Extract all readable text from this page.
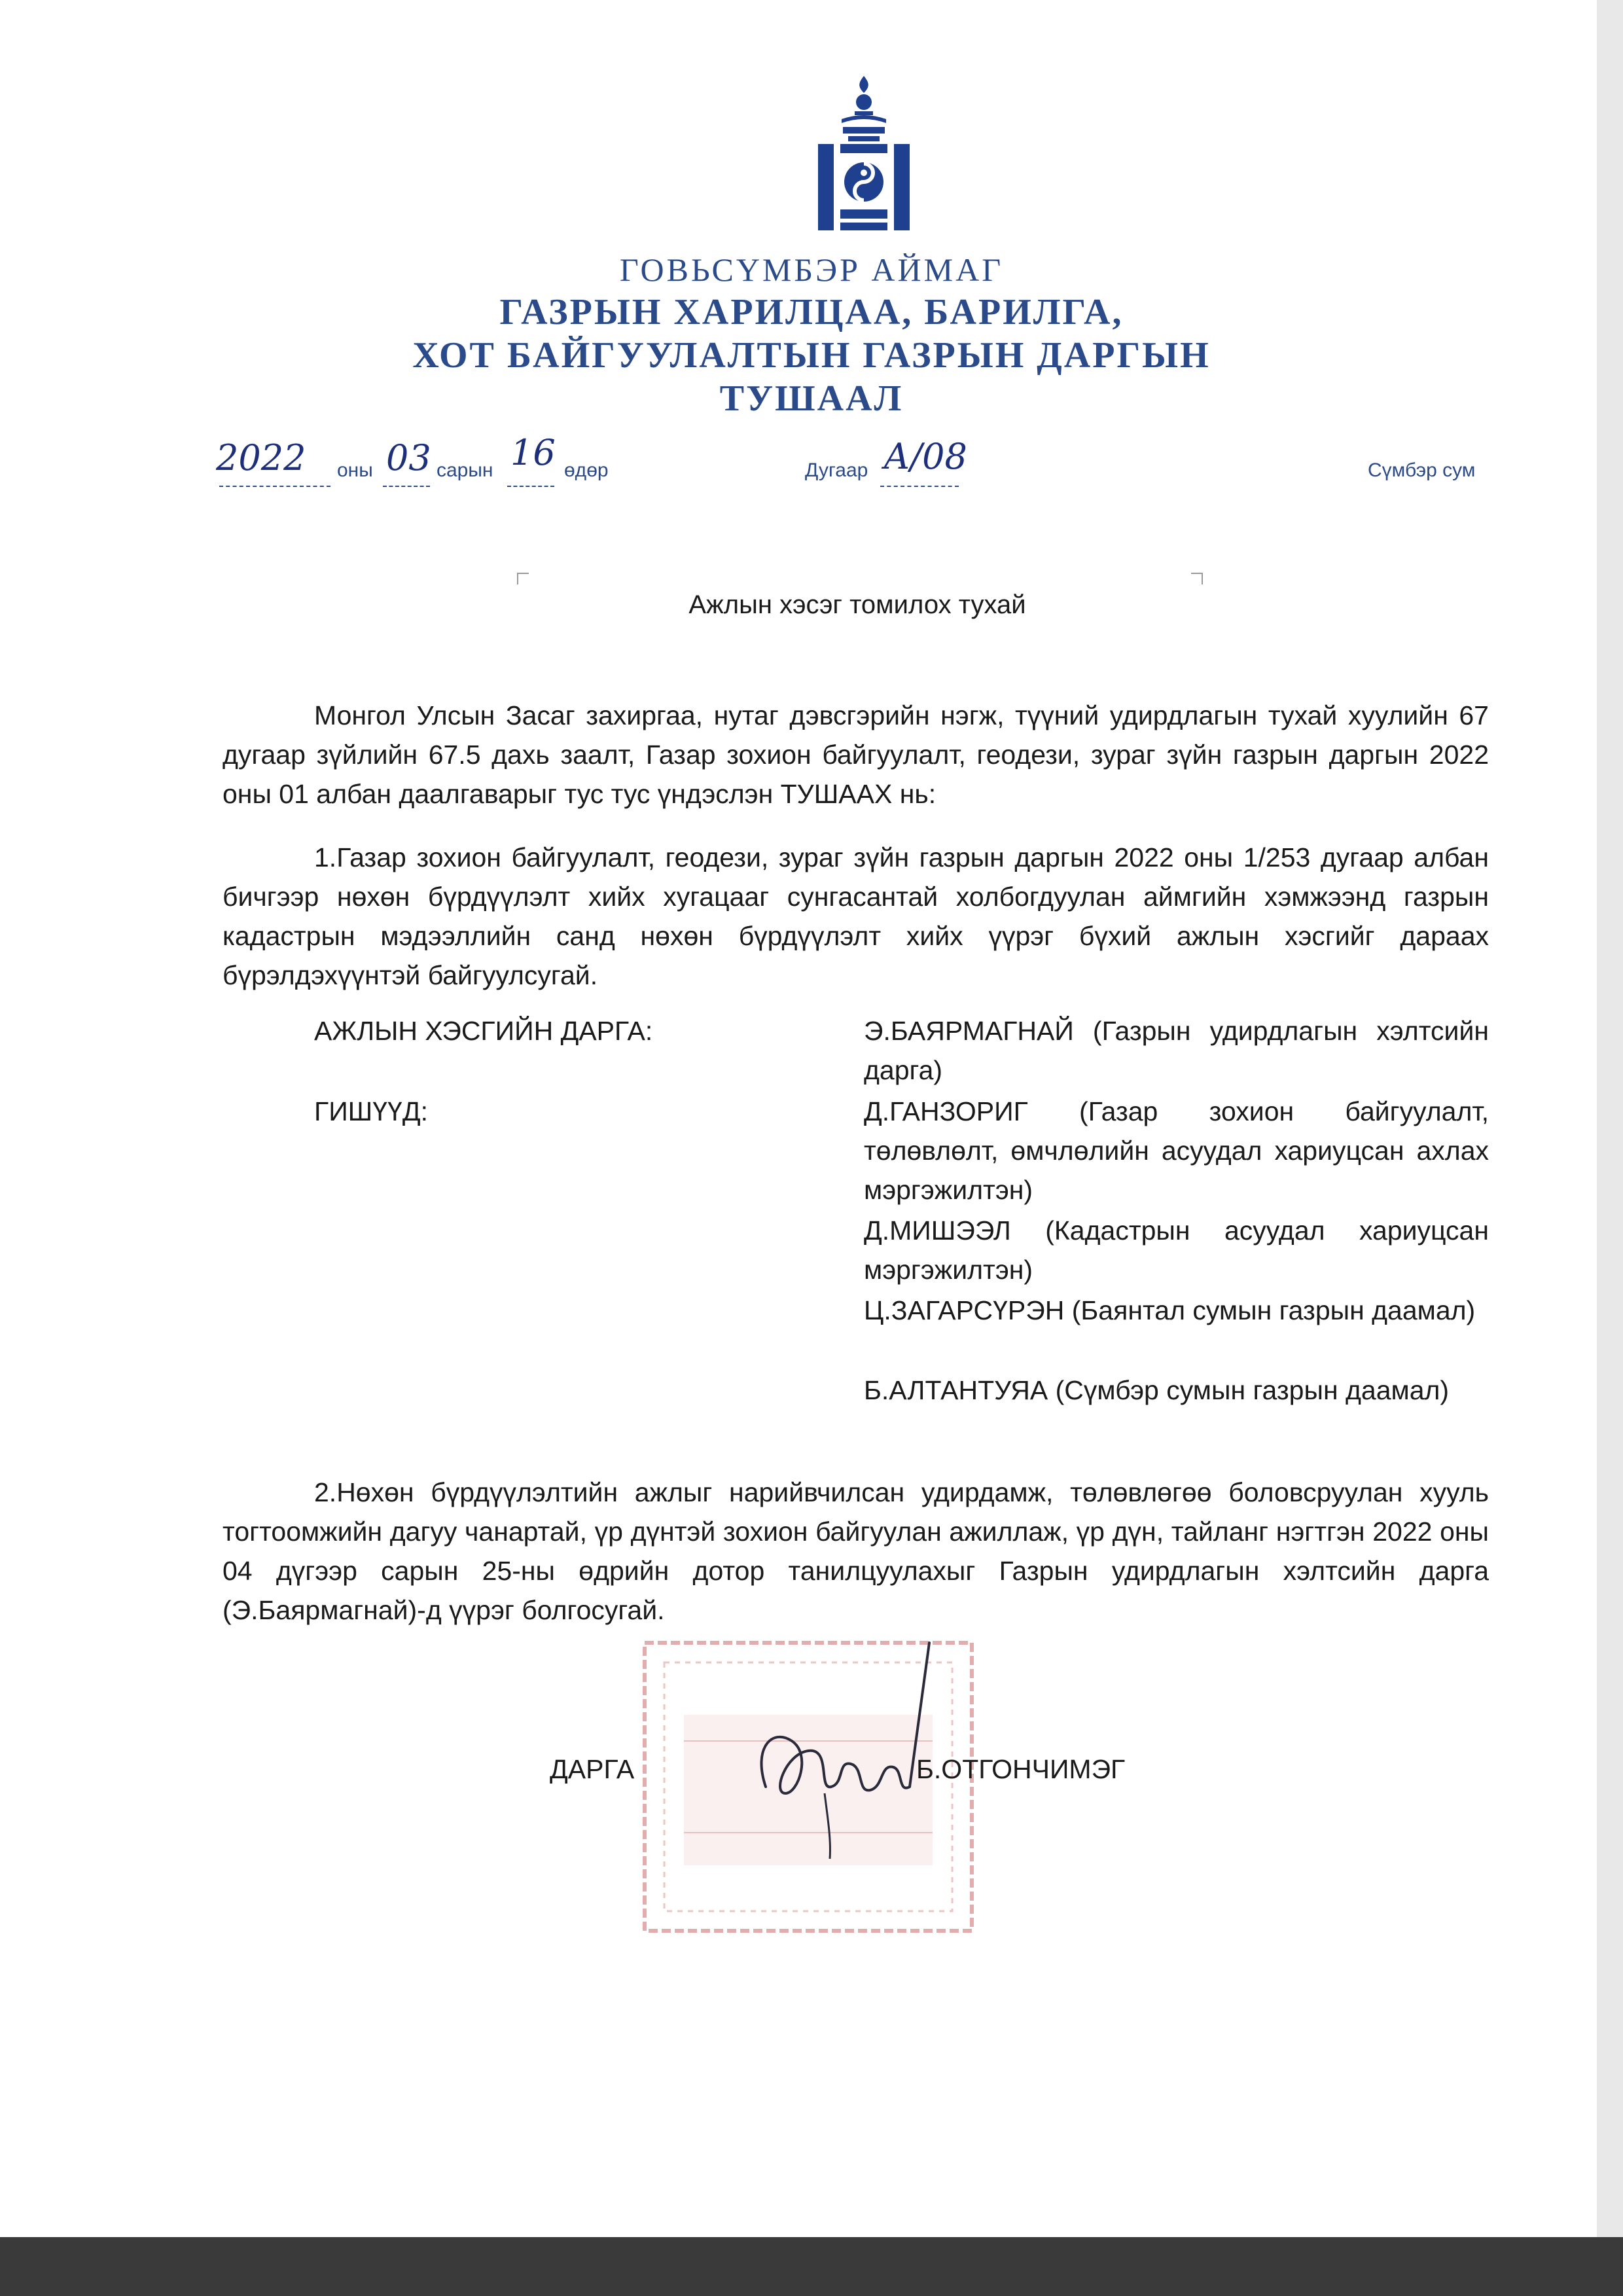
ГОВЬСҮМБЭР АЙМАГ

ГАЗРЫН ХАРИЛЦАА, БАРИЛГА,

ХОТ БАЙГУУЛАЛТЫН ГАЗРЫН ДАРГЫН

ТУШААЛ

2022 оны 03 сарын 16 өдөр	Дугаар А/08	Сүмбэр сум
Ажлын хэсэг томилох тухай
Монгол Улсын Засаг захиргаа, нутаг дэвсгэрийн нэгж, түүний удирдлагын тухай хуулийн 67 дугаар зүйлийн 67.5 дахь заалт, Газар зохион байгуулалт, геодези, зураг зүйн газрын даргын 2022 оны 01 албан даалгаварыг тус тус үндэслэн ТУШААХ нь:
1.Газар зохион байгуулалт, геодези, зураг зүйн газрын даргын 2022 оны 1/253 дугаар албан бичгээр нөхөн бүрдүүлэлт хийх хугацааг сунгасантай холбогдуулан аймгийн хэмжээнд газрын кадастрын мэдээллийн санд нөхөн бүрдүүлэлт хийх үүрэг бүхий ажлын хэсгийг дараах бүрэлдэхүүнтэй байгуулсугай.
АЖЛЫН ХЭСГИЙН ДАРГА:	Э.БАЯРМАГНАЙ (Газрын удирдлагын хэлтсийн дарга)
ГИШҮҮД:	Д.ГАНЗОРИГ (Газар зохион байгуулалт, төлөвлөлт, өмчлөлийн асуудал хариуцсан ахлах мэргэжилтэн)
Д.МИШЭЭЛ (Кадастрын асуудал хариуцсан мэргэжилтэн)
Ц.ЗАГАРСҮРЭН (Баянтал сумын газрын даамал)
Б.АЛТАНТУЯА (Сүмбэр сумын газрын даамал)
2.Нөхөн бүрдүүлэлтийн ажлыг нарийвчилсан удирдамж, төлөвлөгөө боловсруулан хууль тогтоомжийн дагуу чанартай, үр дүнтэй зохион байгуулан ажиллаж, үр дүн, тайланг нэгтгэн 2022 оны 04 дүгээр сарын 25-ны өдрийн дотор танилцуулахыг Газрын удирдлагын хэлтсийн дарга (Э.Баярмагнай)-д үүрэг болгосугай.
ДАРГА	Б.ОТГОНЧИМЭГ
